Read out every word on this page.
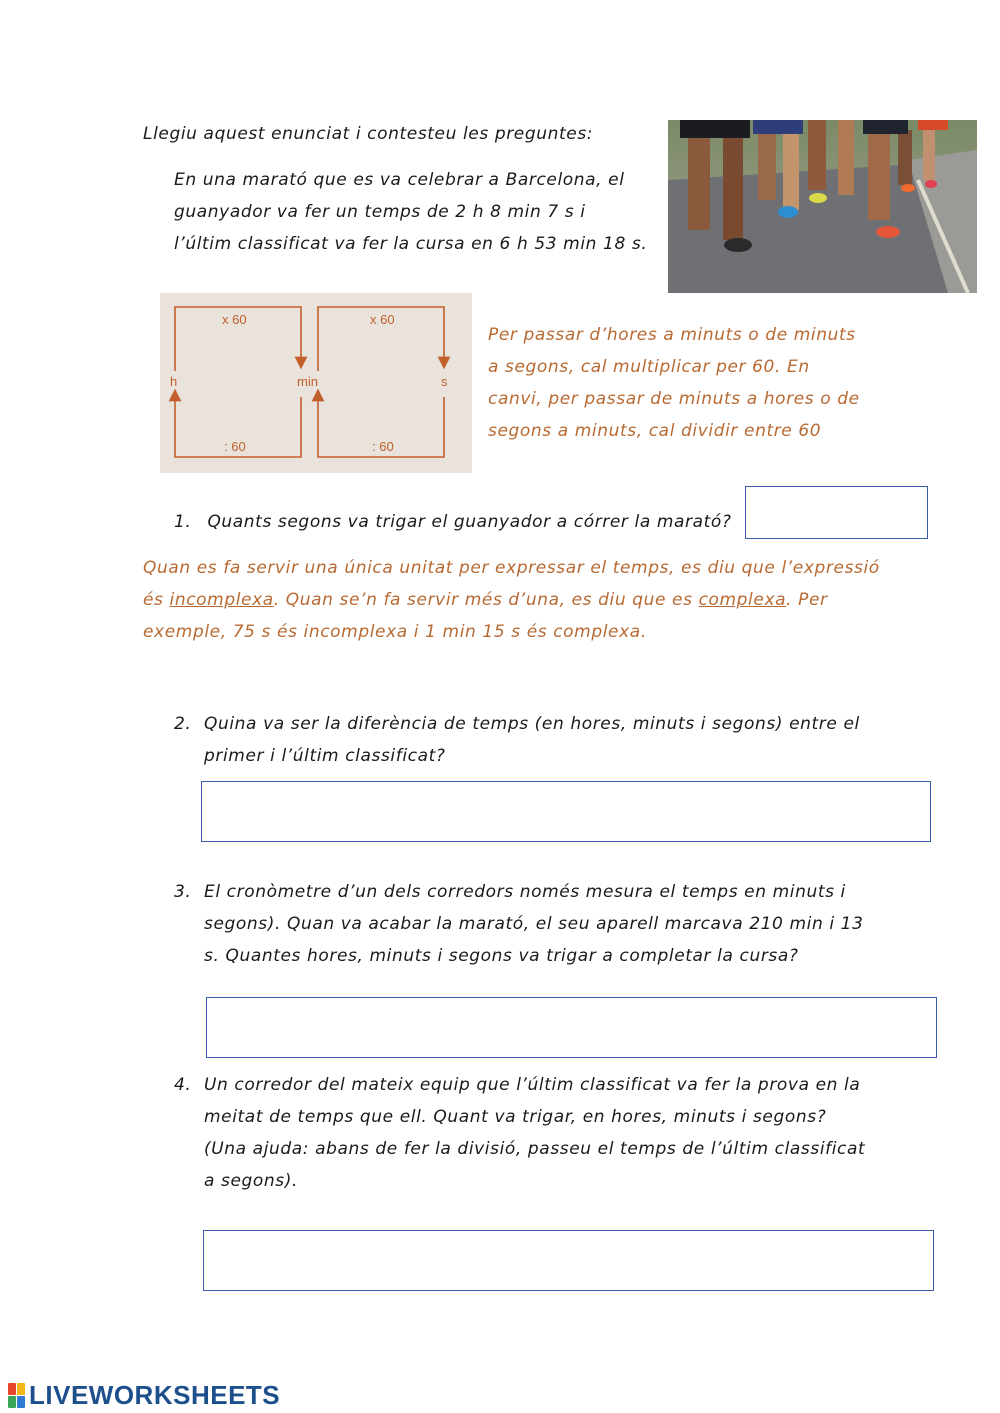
Llegiu aquest enunciat i contesteu les preguntes:
En una marató que es va celebrar a Barcelona, el
guanyador va fer un temps de 2 h 8 min 7 s i
l’últim classificat va fer la cursa en 6 h 53 min 18 s.
x 60	x 60
: 60	: 60
h	min	s
Per passar d’hores a minuts o de minuts
a segons, cal multiplicar per 60. En
canvi, per passar de minuts a hores o de
segons a minuts, cal dividir entre 60
1. Quants segons va trigar el guanyador a córrer la marató?
Quan es fa servir una única unitat per expressar el temps, es diu que l’expressió
és incomplexa. Quan se’n fa servir més d’una, es diu que es complexa. Per
exemple, 75 s és incomplexa i 1 min 15 s és complexa.
2. Quina va ser la diferència de temps (en hores, minuts i segons) entre el
primer i l’últim classificat?
3. El cronòmetre d’un dels corredors només mesura el temps en minuts i
segons). Quan va acabar la marató, el seu aparell marcava 210 min i 13
s. Quantes hores, minuts i segons va trigar a completar la cursa?
4. Un corredor del mateix equip que l’últim classificat va fer la prova en la
meitat de temps que ell. Quant va trigar, en hores, minuts i segons?
(Una ajuda: abans de fer la divisió, passeu el temps de l’últim classificat
a segons).
LIVEWORKSHEETS
